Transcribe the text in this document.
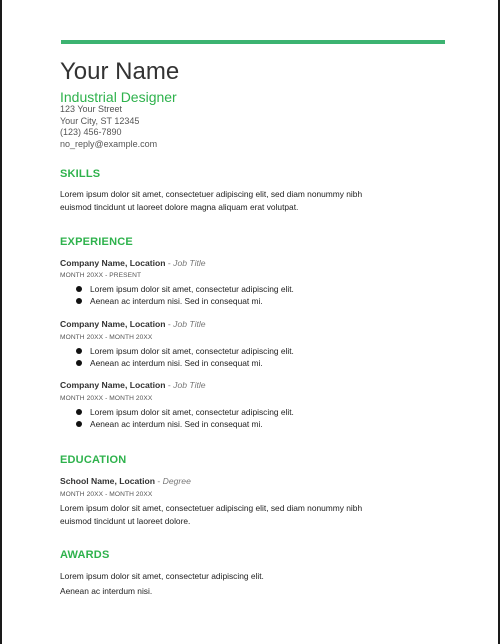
Your Name
Industrial Designer
123 Your Street
Your City, ST 12345
(123) 456-7890
no_reply@example.com
SKILLS
Lorem ipsum dolor sit amet, consectetuer adipiscing elit, sed diam nonummy nibh euismod tincidunt ut laoreet dolore magna aliquam erat volutpat.
EXPERIENCE
Company Name, Location - Job Title
MONTH 20XX - PRESENT
Lorem ipsum dolor sit amet, consectetur adipiscing elit.
Aenean ac interdum nisi. Sed in consequat mi.
Company Name, Location - Job Title
MONTH 20XX - MONTH 20XX
Lorem ipsum dolor sit amet, consectetur adipiscing elit.
Aenean ac interdum nisi. Sed in consequat mi.
Company Name, Location - Job Title
MONTH 20XX - MONTH 20XX
Lorem ipsum dolor sit amet, consectetur adipiscing elit.
Aenean ac interdum nisi. Sed in consequat mi.
EDUCATION
School Name, Location - Degree
MONTH 20XX - MONTH 20XX
Lorem ipsum dolor sit amet, consectetuer adipiscing elit, sed diam nonummy nibh euismod tincidunt ut laoreet dolore.
AWARDS
Lorem ipsum dolor sit amet, consectetur adipiscing elit.
Aenean ac interdum nisi.
